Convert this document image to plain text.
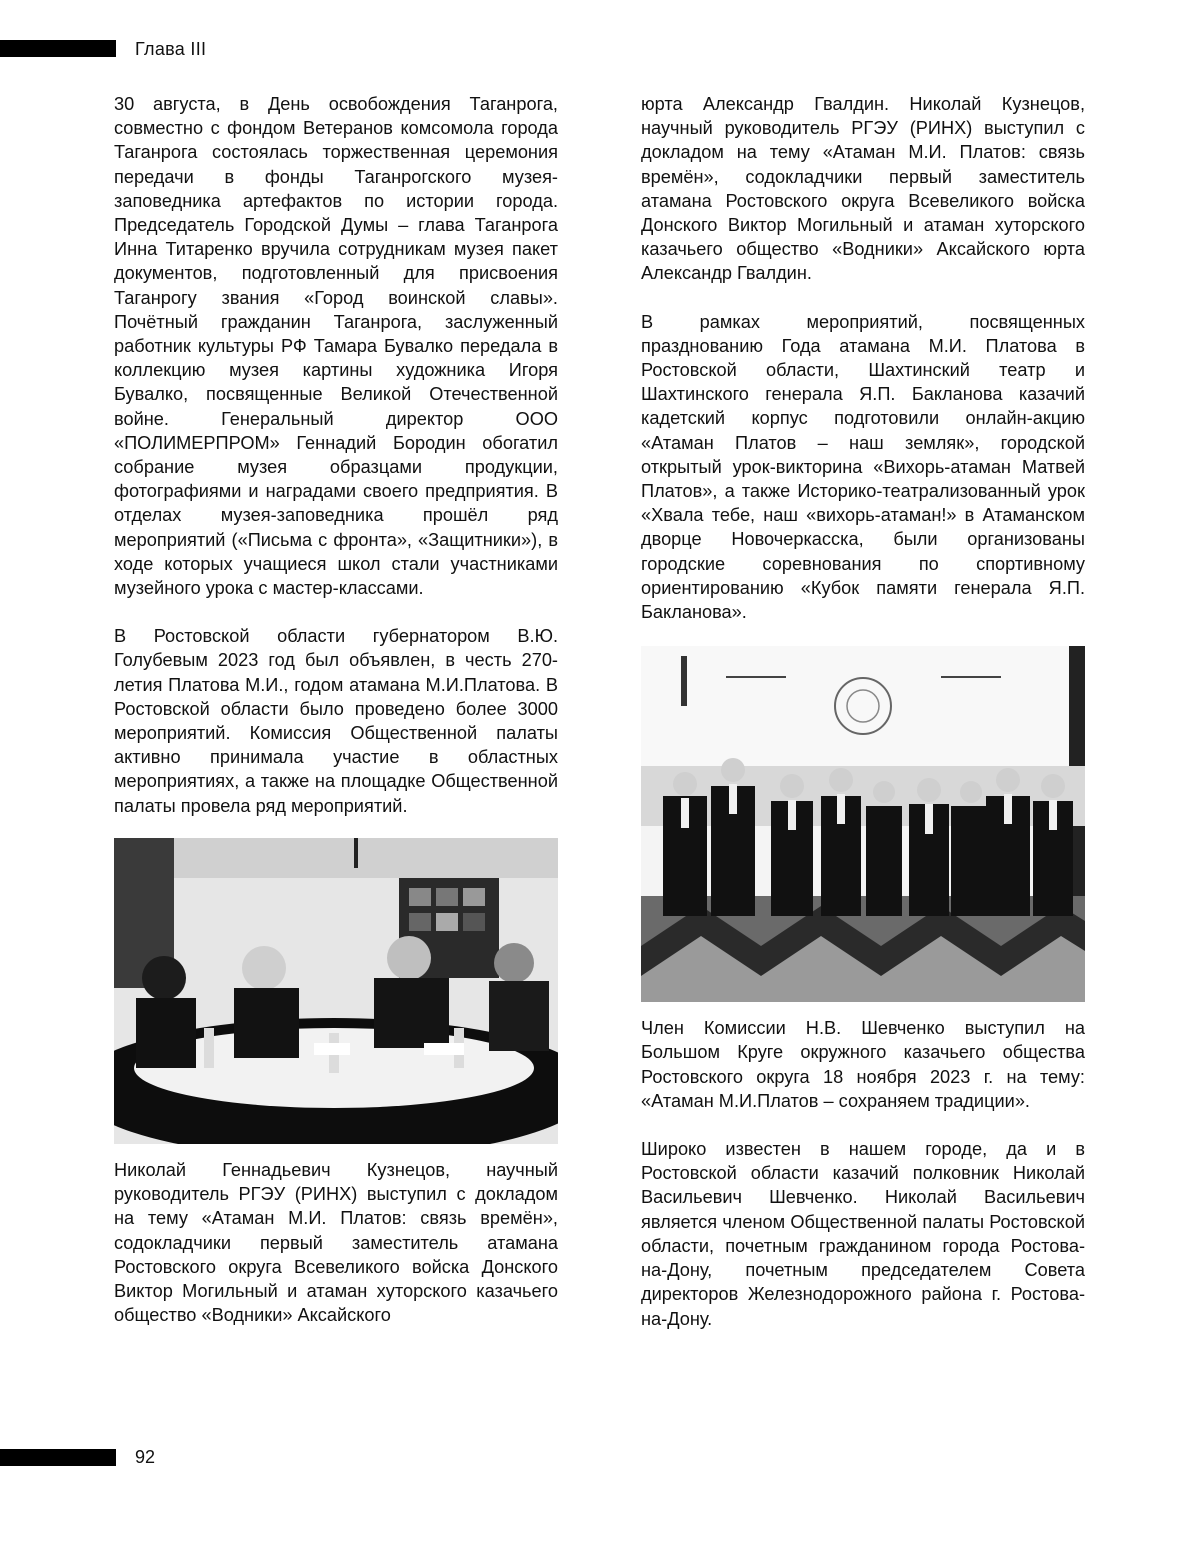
Глава III

30 августа, в День освобождения Таганрога, совместно с фондом Ветеранов комсомола города Таганрога состоялась торжественная церемония передачи в фонды Таганрогского музея-заповедника артефактов по истории города. Председатель Городской Думы – глава Таганрога Инна Титаренко вручила сотрудникам музея пакет документов, подготовленный для присвоения Таганрогу звания «Город воинской славы». Почётный гражданин Таганрога, заслуженный работник культуры РФ Тамара Бувалко передала в коллекцию музея картины художника Игоря Бувалко, посвященные Великой Отечественной войне. Генеральный директор ООО «ПОЛИМЕРПРОМ» Геннадий Бородин обогатил собрание музея образцами продукции, фотографиями и наградами своего предприятия. В отделах музея-заповедника прошёл ряд мероприятий («Письма с фронта», «Защитники»), в ходе которых учащиеся школ стали участниками музейного урока с мастер-классами.

В Ростовской области губернатором В.Ю. Голубевым 2023 год был объявлен, в честь 270-летия Платова М.И., годом атамана М.И.Платова. В Ростовской области было проведено более 3000 мероприятий. Комиссия Общественной палаты активно принимала участие в областных мероприятиях, а также на площадке Общественной палаты провела ряд мероприятий.

Николай Геннадьевич Кузнецов, научный руководитель РГЭУ (РИНХ) выступил с докладом на тему «Атаман М.И. Платов: связь времён», содокладчики первый заместитель атамана Ростовского округа Всевеликого войска Донского Виктор Могильный и атаман хуторского казачьего общество «Водники» Аксайского

юрта Александр Гвалдин. Николай Кузнецов, научный руководитель РГЭУ (РИНХ) выступил с докладом на тему «Атаман М.И. Платов: связь времён», содокладчики первый заместитель атамана Ростовского округа Всевеликого войска Донского Виктор Могильный и атаман хуторского казачьего общество «Водники» Аксайского юрта Александр Гвалдин.

В рамках мероприятий, посвященных празднованию Года атамана М.И. Платова в Ростовской области, Шахтинский театр и Шахтинского генерала Я.П. Бакланова казачий кадетский корпус подготовили онлайн-акцию «Атаман Платов – наш земляк», городской открытый урок-викторина «Вихорь-атаман Матвей Платов», а также Историко-театрализованный урок «Хвала тебе, наш «вихорь-атаман!» в Атаманском дворце Новочеркасска, были организованы городские соревнования по спортивному ориентированию «Кубок памяти генерала Я.П. Бакланова».

Член Комиссии Н.В. Шевченко выступил на Большом Круге окружного казачьего общества Ростовского округа 18 ноября 2023 г. на тему: «Атаман М.И.Платов – сохраняем традиции».

Широко известен в нашем городе, да и в Ростовской области казачий полковник Николай Васильевич Шевченко. Николай Васильевич является членом Общественной палаты Ростовской области, почетным гражданином города Ростова-на-Дону, почетным председателем Совета директоров Железнодорожного района г. Ростова-на-Дону.

92
